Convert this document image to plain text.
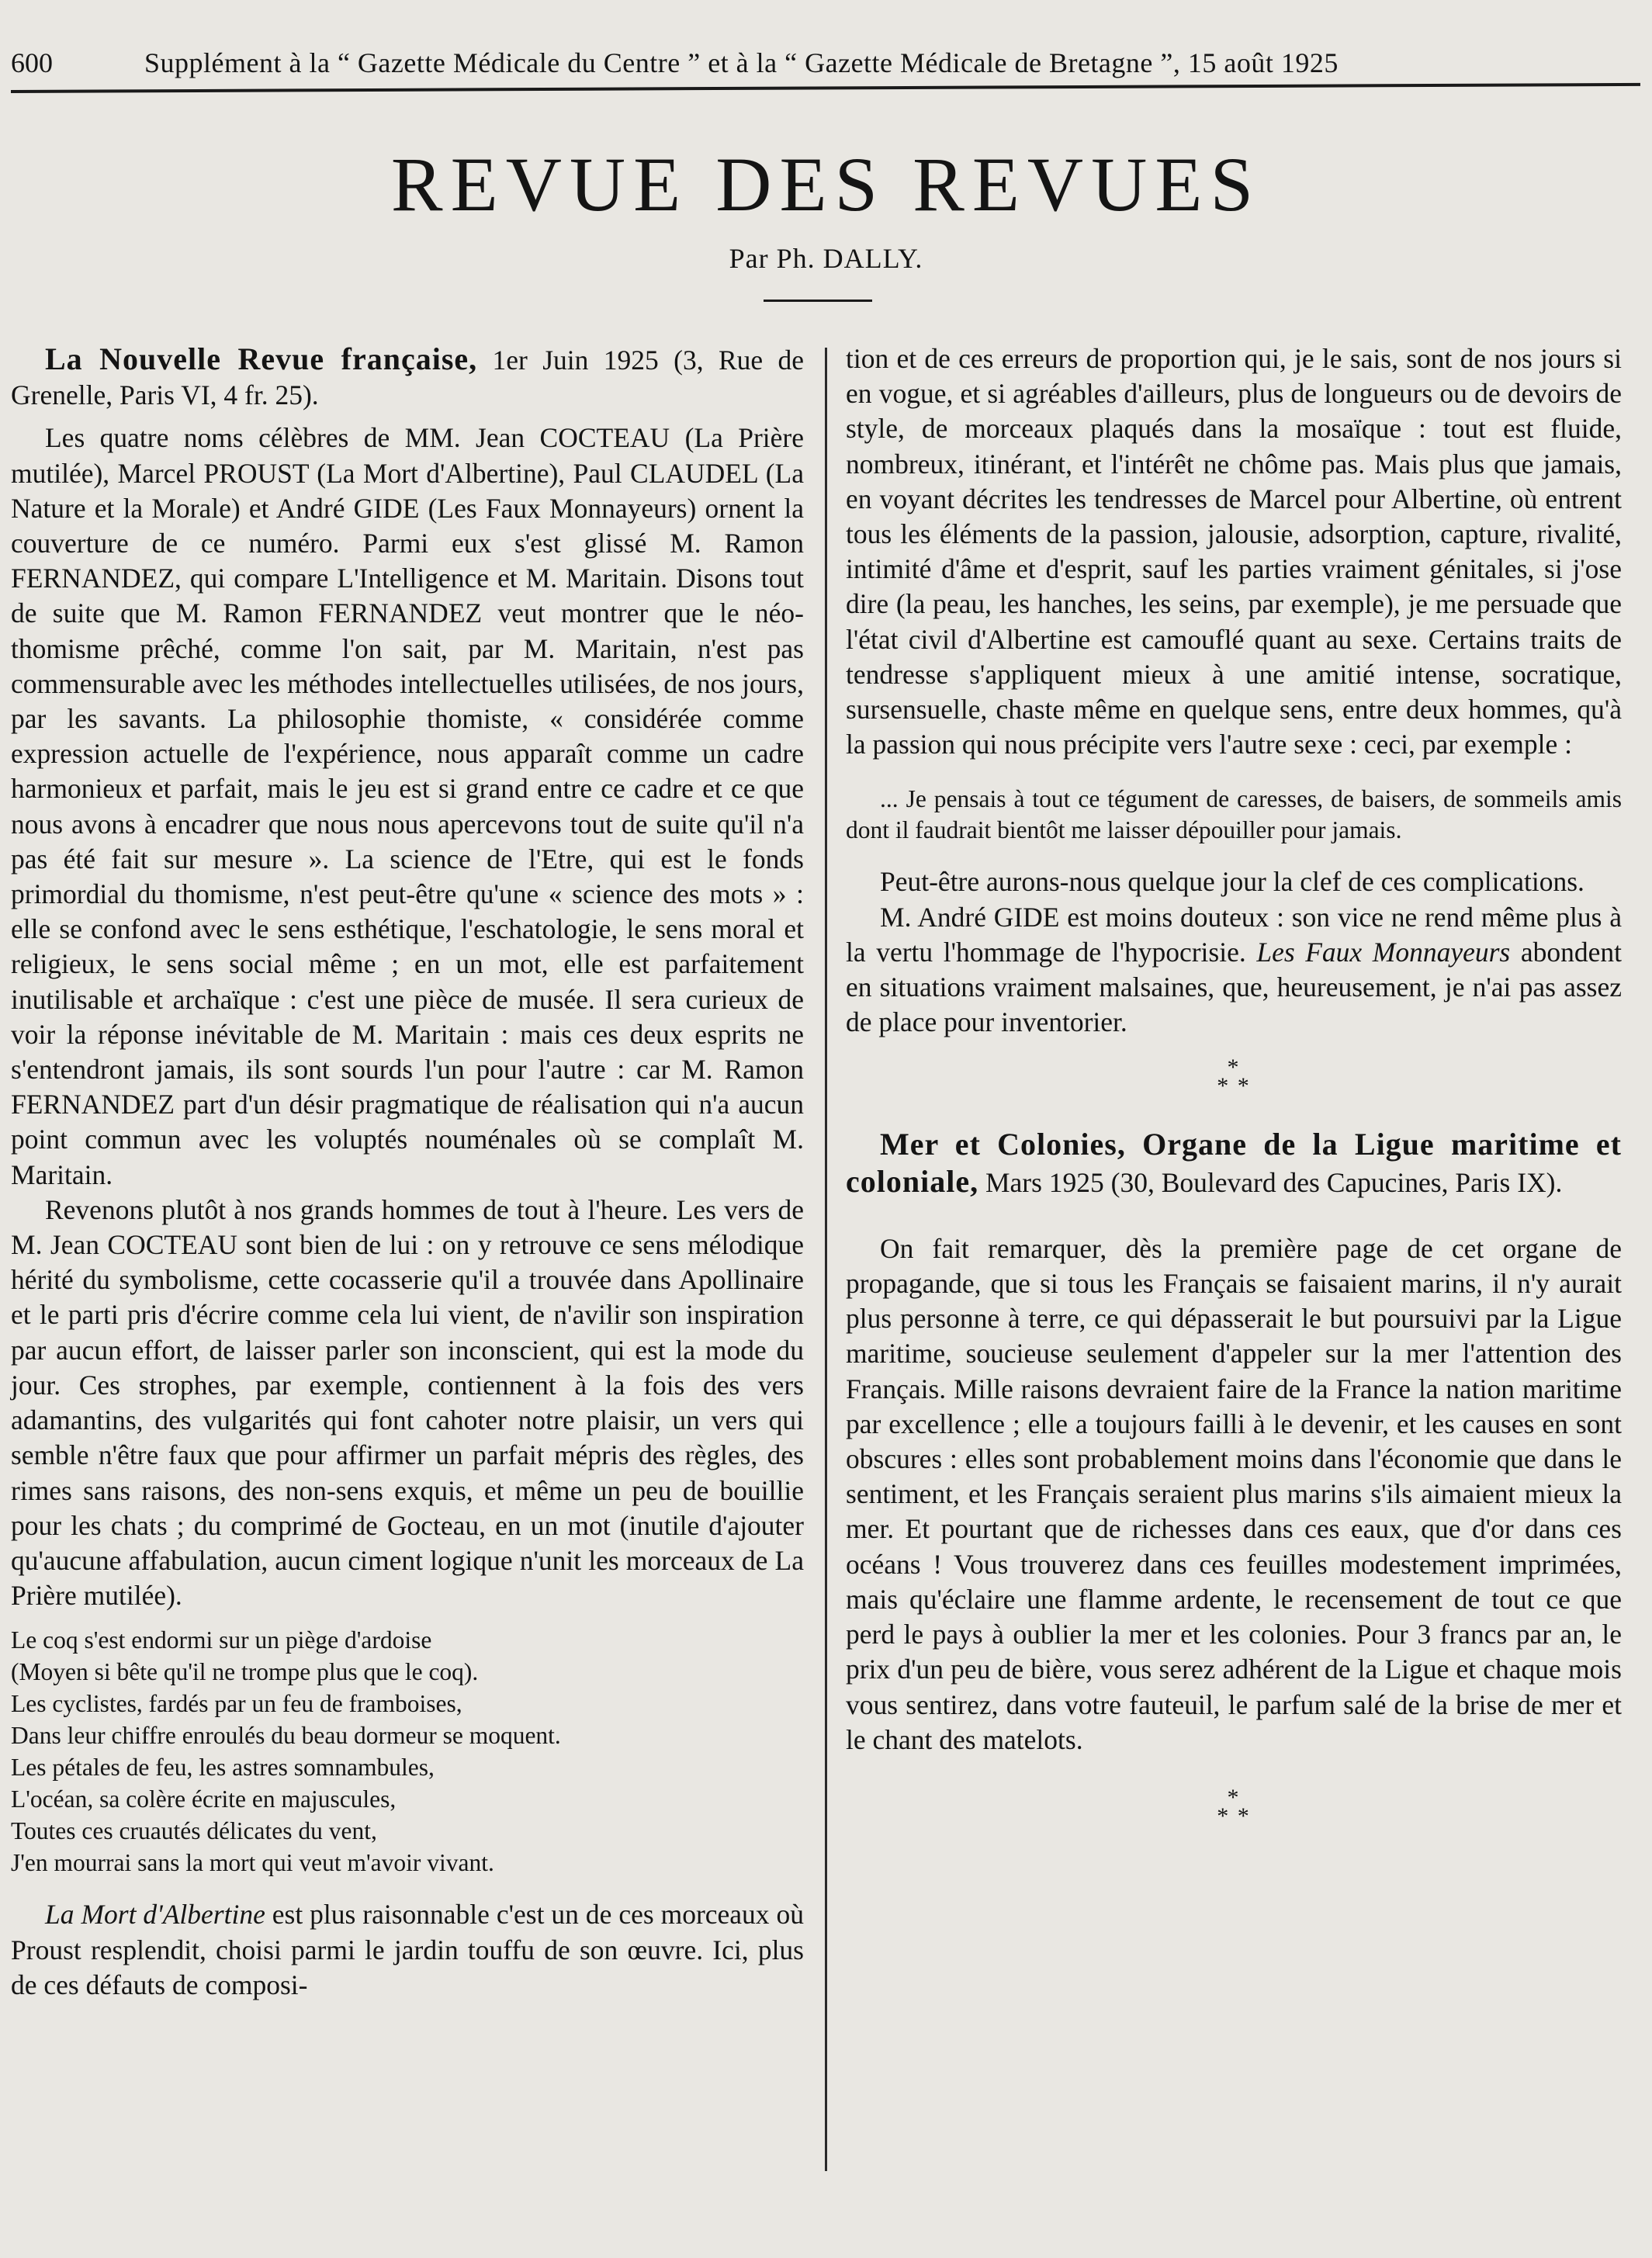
600	Supplément à la “ Gazette Médicale du Centre ” et à la “ Gazette Médicale de Bretagne ”, 15 août 1925
REVUE DES REVUES
Par Ph. DALLY.

La Nouvelle Revue française, 1er Juin 1925 (3, Rue de Grenelle, Paris VI, 4 fr. 25).

Les quatre noms célèbres de MM. Jean COCTEAU (La Prière mutilée), Marcel PROUST (La Mort d'Albertine), Paul CLAUDEL (La Nature et la Morale) et André GIDE (Les Faux Monnayeurs) ornent la couverture de ce numéro. Parmi eux s'est glissé M. Ramon FERNANDEZ, qui compare L'Intelligence et M. Maritain. Disons tout de suite que M. Ramon FERNANDEZ veut montrer que le néo-thomisme prêché, comme l'on sait, par M. Maritain, n'est pas commensurable avec les méthodes intellectuelles utilisées, de nos jours, par les savants. La philosophie thomiste, « considérée comme expression actuelle de l'expérience, nous apparaît comme un cadre harmonieux et parfait, mais le jeu est si grand entre ce cadre et ce que nous avons à encadrer que nous nous apercevons tout de suite qu'il n'a pas été fait sur mesure ». La science de l'Etre, qui est le fonds primordial du thomisme, n'est peut-être qu'une « science des mots » : elle se confond avec le sens esthétique, l'eschatologie, le sens moral et religieux, le sens social même ; en un mot, elle est parfaitement inutilisable et archaïque : c'est une pièce de musée. Il sera curieux de voir la réponse inévitable de M. Maritain : mais ces deux esprits ne s'entendront jamais, ils sont sourds l'un pour l'autre : car M. Ramon FERNANDEZ part d'un désir pragmatique de réalisation qui n'a aucun point commun avec les voluptés nouménales où se complaît M. Maritain.

Revenons plutôt à nos grands hommes de tout à l'heure. Les vers de M. Jean COCTEAU sont bien de lui : on y retrouve ce sens mélodique hérité du symbolisme, cette cocasserie qu'il a trouvée dans Apollinaire et le parti pris d'écrire comme cela lui vient, de n'avilir son inspiration par aucun effort, de laisser parler son inconscient, qui est la mode du jour. Ces strophes, par exemple, contiennent à la fois des vers adamantins, des vulgarités qui font cahoter notre plaisir, un vers qui semble n'être faux que pour affirmer un parfait mépris des règles, des rimes sans raisons, des non-sens exquis, et même un peu de bouillie pour les chats ; du comprimé de Gocteau, en un mot (inutile d'ajouter qu'aucune affabulation, aucun ciment logique n'unit les morceaux de La Prière mutilée).

Le coq s'est endormi sur un piège d'ardoise
(Moyen si bête qu'il ne trompe plus que le coq).
Les cyclistes, fardés par un feu de framboises,
Dans leur chiffre enroulés du beau dormeur se moquent.
Les pétales de feu, les astres somnambules,
L'océan, sa colère écrite en majuscules,
Toutes ces cruautés délicates du vent,
J'en mourrai sans la mort qui veut m'avoir vivant.

La Mort d'Albertine est plus raisonnable c'est un de ces morceaux où Proust resplendit, choisi parmi le jardin touffu de son œuvre. Ici, plus de ces défauts de composi-

tion et de ces erreurs de proportion qui, je le sais, sont de nos jours si en vogue, et si agréables d'ailleurs, plus de longueurs ou de devoirs de style, de morceaux plaqués dans la mosaïque : tout est fluide, nombreux, itinérant, et l'intérêt ne chôme pas. Mais plus que jamais, en voyant décrites les tendresses de Marcel pour Albertine, où entrent tous les éléments de la passion, jalousie, adsorption, capture, rivalité, intimité d'âme et d'esprit, sauf les parties vraiment génitales, si j'ose dire (la peau, les hanches, les seins, par exemple), je me persuade que l'état civil d'Albertine est camouflé quant au sexe. Certains traits de tendresse s'appliquent mieux à une amitié intense, socratique, sursensuelle, chaste même en quelque sens, entre deux hommes, qu'à la passion qui nous précipite vers l'autre sexe : ceci, par exemple :

... Je pensais à tout ce tégument de caresses, de baisers, de sommeils amis dont il faudrait bientôt me laisser dépouiller pour jamais.

Peut-être aurons-nous quelque jour la clef de ces complications.

M. André GIDE est moins douteux : son vice ne rend même plus à la vertu l'hommage de l'hypocrisie. Les Faux Monnayeurs abondent en situations vraiment malsaines, que, heureusement, je n'ai pas assez de place pour inventorier.

*
* *

Mer et Colonies, Organe de la Ligue maritime et coloniale, Mars 1925 (30, Boulevard des Capucines, Paris IX).

On fait remarquer, dès la première page de cet organe de propagande, que si tous les Français se faisaient marins, il n'y aurait plus personne à terre, ce qui dépasserait le but poursuivi par la Ligue maritime, soucieuse seulement d'appeler sur la mer l'attention des Français. Mille raisons devraient faire de la France la nation maritime par excellence ; elle a toujours failli à le devenir, et les causes en sont obscures : elles sont probablement moins dans l'économie que dans le sentiment, et les Français seraient plus marins s'ils aimaient mieux la mer. Et pourtant que de richesses dans ces eaux, que d'or dans ces océans ! Vous trouverez dans ces feuilles modestement imprimées, mais qu'éclaire une flamme ardente, le recensement de tout ce que perd le pays à oublier la mer et les colonies. Pour 3 francs par an, le prix d'un peu de bière, vous serez adhérent de la Ligue et chaque mois vous sentirez, dans votre fauteuil, le parfum salé de la brise de mer et le chant des matelots.

*
* *
